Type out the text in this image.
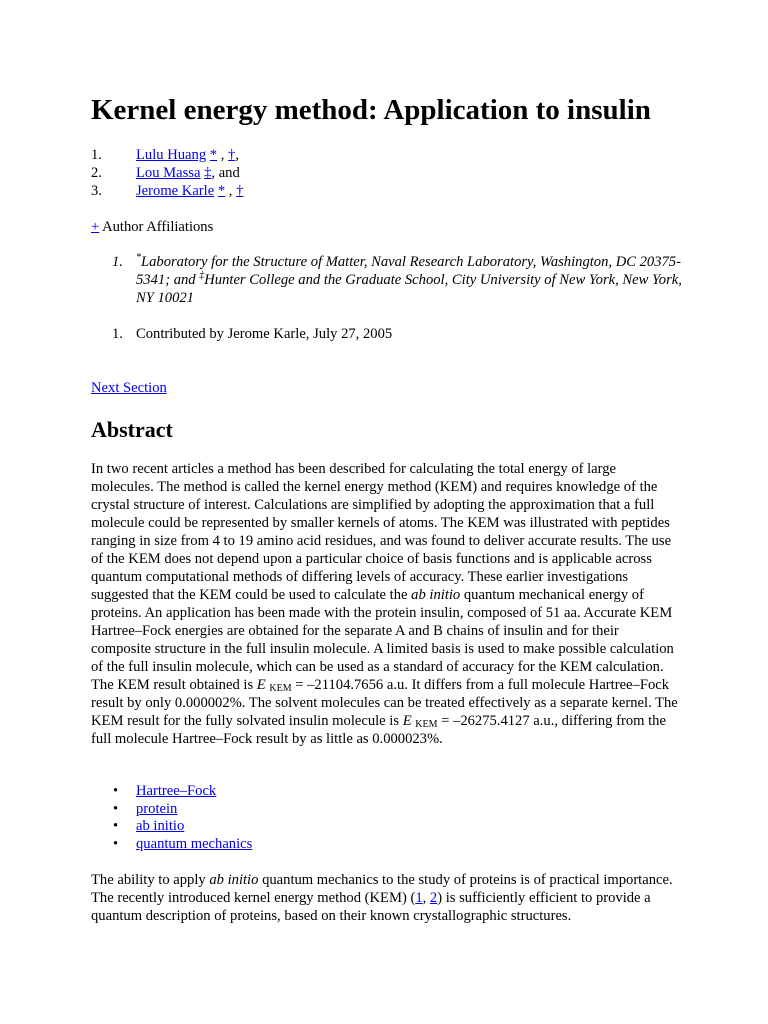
Kernel energy method: Application to insulin
1. Lulu Huang * , †,
2. Lou Massa ‡, and
3. Jerome Karle * , †
+ Author Affiliations
1. *Laboratory for the Structure of Matter, Naval Research Laboratory, Washington, DC 20375-5341; and ‡Hunter College and the Graduate School, City University of New York, New York, NY 10021
1. Contributed by Jerome Karle, July 27, 2005
Next Section
Abstract

In two recent articles a method has been described for calculating the total energy of large molecules. The method is called the kernel energy method (KEM) and requires knowledge of the crystal structure of interest. Calculations are simplified by adopting the approximation that a full molecule could be represented by smaller kernels of atoms. The KEM was illustrated with peptides ranging in size from 4 to 19 amino acid residues, and was found to deliver accurate results. The use of the KEM does not depend upon a particular choice of basis functions and is applicable across quantum computational methods of differing levels of accuracy. These earlier investigations suggested that the KEM could be used to calculate the ab initio quantum mechanical energy of proteins. An application has been made with the protein insulin, composed of 51 aa. Accurate KEM Hartree–Fock energies are obtained for the separate A and B chains of insulin and for their composite structure in the full insulin molecule. A limited basis is used to make possible calculation of the full insulin molecule, which can be used as a standard of accuracy for the KEM calculation. The KEM result obtained is E $_{KEM}$ = –21104.7656 a.u. It differs from a full molecule Hartree–Fock result by only 0.000002%. The solvent molecules can be treated effectively as a separate kernel. The KEM result for the fully solvated insulin molecule is E $_{KEM}$ = –26275.4127 a.u., differing from the full molecule Hartree–Fock result by as little as 0.000023%.

• Hartree–Fock
• protein
• ab initio
• quantum mechanics

The ability to apply ab initio quantum mechanics to the study of proteins is of practical importance. The recently introduced kernel energy method (KEM) (1, 2) is sufficiently efficient to provide a quantum description of proteins, based on their known crystallographic structures.
